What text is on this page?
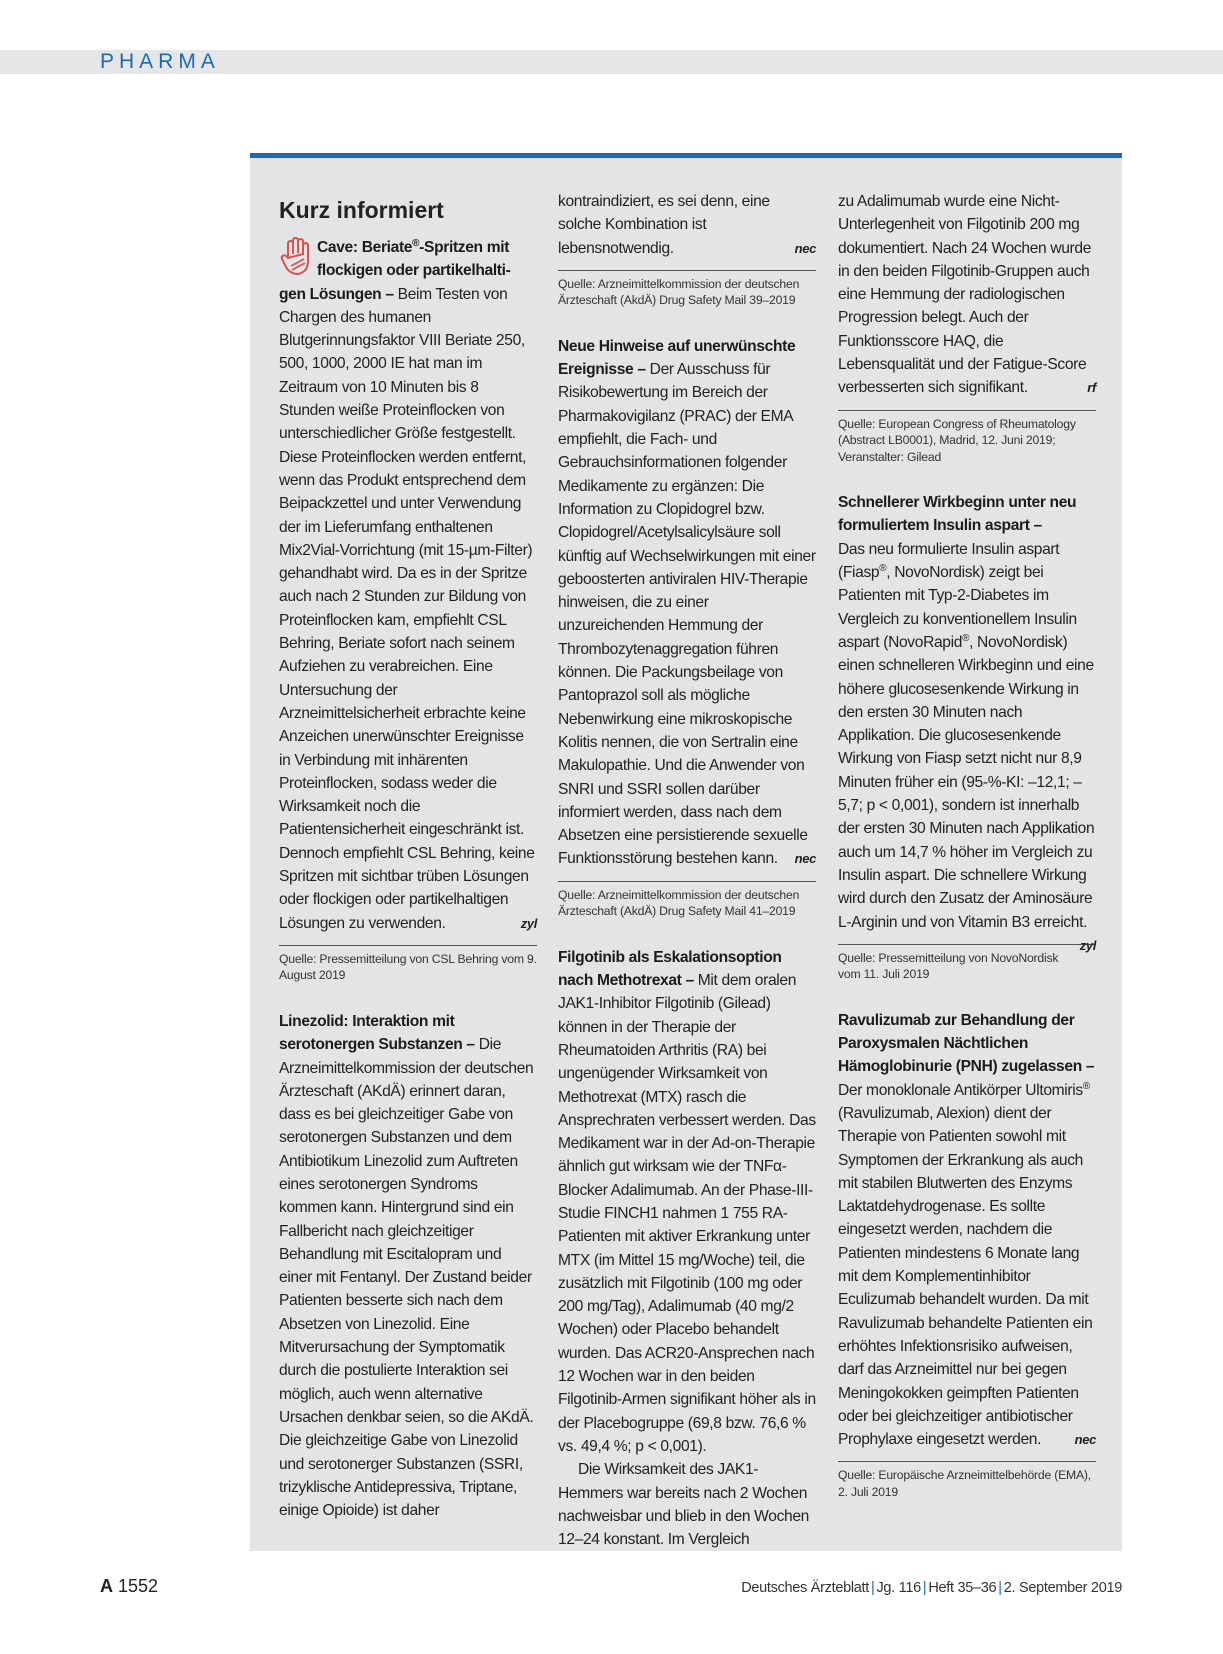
PHARMA
Kurz informiert
Cave: Beriate®-Spritzen mit flockigen oder partikelhalti- gen Lösungen – Beim Testen von Chargen des humanen Blutgerinnungsfaktor VIII Beriate 250, 500, 1000, 2000 IE hat man im Zeitraum von 10 Minuten bis 8 Stunden weiße Proteinflocken von unterschiedlicher Größe festgestellt. Diese Proteinflocken werden entfernt, wenn das Produkt entsprechend dem Beipackzettel und unter Verwendung der im Lieferumfang enthaltenen Mix2Vial-Vorrichtung (mit 15-µm-Filter) gehandhabt wird. Da es in der Spritze auch nach 2 Stunden zur Bildung von Proteinflocken kam, empfiehlt CSL Behring, Beriate sofort nach seinem Aufziehen zu verabreichen. Eine Untersuchung der Arzneimittelsicherheit erbrachte keine Anzeichen unerwünschter Ereignisse in Verbindung mit inhärenten Proteinflocken, sodass weder die Wirksamkeit noch die Patientensicherheit eingeschränkt ist. Dennoch empfiehlt CSL Behring, keine Spritzen mit sichtbar trüben Lösungen oder flockigen oder partikelhaltigen Lösungen zu verwenden.	zyl
Quelle: Pressemitteilung von CSL Behring vom 9. August 2019
Linezolid: Interaktion mit serotonergen Substanzen – Die Arzneimittelkommission der deutschen Ärzteschaft (AKdÄ) erinnert daran, dass es bei gleichzeitiger Gabe von serotonergen Substanzen und dem Antibiotikum Linezolid zum Auftreten eines serotonergen Syndroms kommen kann. Hintergrund sind ein Fallbericht nach gleichzeitiger Behandlung mit Escitalopram und einer mit Fentanyl. Der Zustand beider Patienten besserte sich nach dem Absetzen von Linezolid. Eine Mitverursachung der Symptomatik durch die postulierte Interaktion sei möglich, auch wenn alternative Ursachen denkbar seien, so die AKdÄ. Die gleichzeitige Gabe von Linezolid und serotonerger Substanzen (SSRI, trizyklische Antidepressiva, Triptane, einige Opioide) ist daher
kontraindiziert, es sei denn, eine solche Kombination ist lebensnotwendig.	nec
Quelle: Arzneimittelkommission der deutschen Ärzteschaft (AkdÄ) Drug Safety Mail 39–2019
Neue Hinweise auf unerwünschte Ereignisse – Der Ausschuss für Risikobewertung im Bereich der Pharmakovigilanz (PRAC) der EMA empfiehlt, die Fach- und Gebrauchsinformationen folgender Medikamente zu ergänzen: Die Information zu Clopidogrel bzw. Clopidogrel/Acetylsalicylsäure soll künftig auf Wechselwirkungen mit einer geboosterten antiviralen HIV-Therapie hinweisen, die zu einer unzureichenden Hemmung der Thrombozytenaggregation führen können. Die Packungsbeilage von Pantoprazol soll als mögliche Nebenwirkung eine mikroskopische Kolitis nennen, die von Sertralin eine Makulopathie. Und die Anwender von SNRI und SSRI sollen darüber informiert werden, dass nach dem Absetzen eine persistierende sexuelle Funktionsstörung bestehen kann. nec
Quelle: Arzneimittelkommission der deutschen Ärzteschaft (AkdÄ) Drug Safety Mail 41–2019
Filgotinib als Eskalationsoption nach Methotrexat – Mit dem oralen JAK1-Inhibitor Filgotinib (Gilead) können in der Therapie der Rheumatoiden Arthritis (RA) bei ungenügender Wirksamkeit von Methotrexat (MTX) rasch die Ansprechraten verbessert werden. Das Medikament war in der Ad-on-Therapie ähnlich gut wirksam wie der TNFα-Blocker Adalimumab. An der Phase-III-Studie FINCH1 nahmen 1 755 RA-Patienten mit aktiver Erkrankung unter MTX (im Mittel 15 mg/Woche) teil, die zusätzlich mit Filgotinib (100 mg oder 200 mg/Tag), Adalimumab (40 mg/2 Wochen) oder Placebo behandelt wurden. Das ACR20-Ansprechen nach 12 Wochen war in den beiden Filgotinib-Armen signifikant höher als in der Placebogruppe (69,8 bzw. 76,6 % vs. 49,4 %; p < 0,001).
Die Wirksamkeit des JAK1-Hemmers war bereits nach 2 Wochen nachweisbar und blieb in den Wochen 12–24 konstant. Im Vergleich
zu Adalimumab wurde eine Nicht-Unterlegenheit von Filgotinib 200 mg dokumentiert. Nach 24 Wochen wurde in den beiden Filgotinib-Gruppen auch eine Hemmung der radiologischen Progression belegt. Auch der Funktionsscore HAQ, die Lebensqualität und der Fatigue-Score verbesserten sich signifikant.	rf
Quelle: European Congress of Rheumatology (Abstract LB0001), Madrid, 12. Juni 2019; Veranstalter: Gilead
Schnellerer Wirkbeginn unter neu formuliertem Insulin aspart –
Das neu formulierte Insulin aspart (Fiasp®, NovoNordisk) zeigt bei Patienten mit Typ-2-Diabetes im Vergleich zu konventionellem Insulin aspart (NovoRapid®, NovoNordisk) einen schnelleren Wirkbeginn und eine höhere glucosesenkende Wirkung in den ersten 30 Minuten nach Applikation. Die glucosesenkende Wirkung von Fiasp setzt nicht nur 8,9 Minuten früher ein (95-%-KI: –12,1; –5,7; p < 0,001), sondern ist innerhalb der ersten 30 Minuten nach Applikation auch um 14,7 % höher im Vergleich zu Insulin aspart. Die schnellere Wirkung wird durch den Zusatz der Aminosäure L-Arginin und von Vitamin B3 erreicht.
zyl
Quelle: Pressemitteilung von NovoNordisk vom 11. Juli 2019
Ravulizumab zur Behandlung der Paroxysmalen Nächtlichen Hämoglobinurie (PNH) zugelassen – Der monoklonale Antikörper Ultomiris® (Ravulizumab, Alexion) dient der Therapie von Patienten sowohl mit Symptomen der Erkrankung als auch mit stabilen Blutwerten des Enzyms Laktatdehydrogenase. Es sollte eingesetzt werden, nachdem die Patienten mindestens 6 Monate lang mit dem Komplementinhibitor Eculizumab behandelt wurden. Da mit Ravulizumab behandelte Patienten ein erhöhtes Infektionsrisiko aufweisen, darf das Arzneimittel nur bei gegen Meningokokken geimpften Patienten oder bei gleichzeitiger antibiotischer Prophylaxe eingesetzt werden.	nec
Quelle: Europäische Arzneimittelbehörde (EMA), 2. Juli 2019
A 1552	Deutsches Ärzteblatt | Jg. 116 | Heft 35–36 | 2. September 2019
